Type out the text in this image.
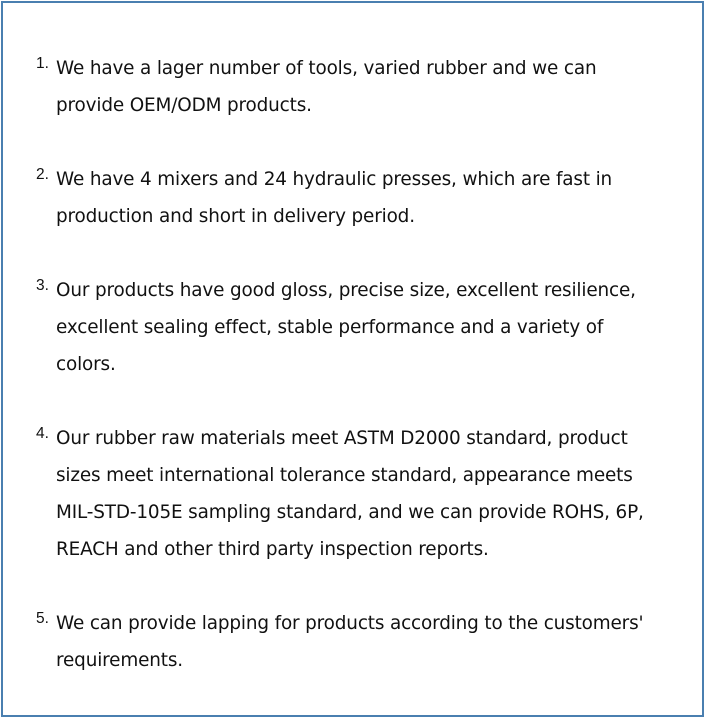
1. We have a lager number of tools, varied rubber and we can
provide OEM/ODM products.
2. We have 4 mixers and 24 hydraulic presses, which are fast in
production and short in delivery period.
3. Our products have good gloss, precise size, excellent resilience,
excellent sealing effect, stable performance and a variety of
colors.
4. Our rubber raw materials meet ASTM D2000 standard, product
sizes meet international tolerance standard, appearance meets
MIL-STD-105E sampling standard, and we can provide ROHS, 6P,
REACH and other third party inspection reports.
5. We can provide lapping for products according to the customers'
requirements.
